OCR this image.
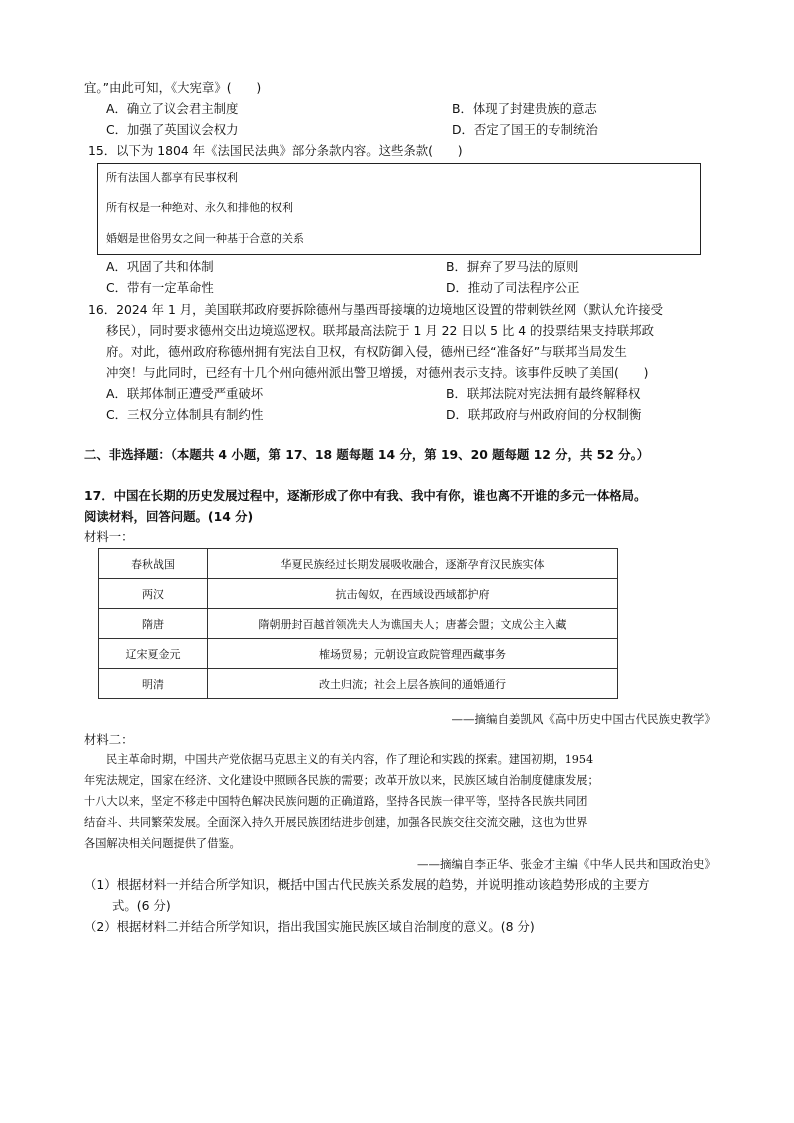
宜。”由此可知，《大宪章》(　　)
A．确立了议会君主制度	B．体现了封建贵族的意志
C．加强了英国议会权力	D．否定了国王的专制统治
15．以下为 1804 年《法国民法典》部分条款内容。这些条款(　　)
所有法国人都享有民事权利
所有权是一种绝对、永久和排他的权利
婚姻是世俗男女之间一种基于合意的关系
A．巩固了共和体制	B．摒弃了罗马法的原则
C．带有一定革命性	D．推动了司法程序公正
16．2024 年 1 月，美国联邦政府要拆除德州与墨西哥接壤的边境地区设置的带刺铁丝网（默认允许接受
移民），同时要求德州交出边境巡逻权。联邦最高法院于 1 月 22 日以 5 比 4 的投票结果支持联邦政
府。对此，德州政府称德州拥有宪法自卫权，有权防御入侵，德州已经“准备好”与联邦当局发生
冲突！与此同时，已经有十几个州向德州派出警卫增援，对德州表示支持。该事件反映了美国(　　)
A．联邦体制正遭受严重破坏	B．联邦法院对宪法拥有最终解释权
C．三权分立体制具有制约性	D．联邦政府与州政府间的分权制衡
二、非选择题：（本题共 4 小题，第 17、18 题每题 14 分，第 19、20 题每题 12 分，共 52 分。）
17．中国在长期的历史发展过程中，逐渐形成了你中有我、我中有你，谁也离不开谁的多元一体格局。
阅读材料，回答问题。(14 分)
材料一：
春秋战国	华夏民族经过长期发展吸收融合，逐渐孕育汉民族实体
两汉	抗击匈奴，在西域设西域都护府
隋唐	隋朝册封百越首领冼夫人为谯国夫人；唐蕃会盟；文成公主入藏
辽宋夏金元	榷场贸易；元朝设宣政院管理西藏事务
明清	改土归流；社会上层各族间的通婚通行
——摘编自姜凯风《高中历史中国古代民族史教学》
材料二：
民主革命时期，中国共产党依据马克思主义的有关内容，作了理论和实践的探索。建国初期，1954
年宪法规定，国家在经济、文化建设中照顾各民族的需要；改革开放以来，民族区域自治制度健康发展；
十八大以来，坚定不移走中国特色解决民族问题的正确道路，坚持各民族一律平等，坚持各民族共同团
结奋斗、共同繁荣发展。全面深入持久开展民族团结进步创建，加强各民族交往交流交融，这也为世界
各国解决相关问题提供了借鉴。
——摘编自李正华、张金才主编《中华人民共和国政治史》
（1）根据材料一并结合所学知识，概括中国古代民族关系发展的趋势，并说明推动该趋势形成的主要方
式。(6 分)
（2）根据材料二并结合所学知识，指出我国实施民族区域自治制度的意义。(8 分)
